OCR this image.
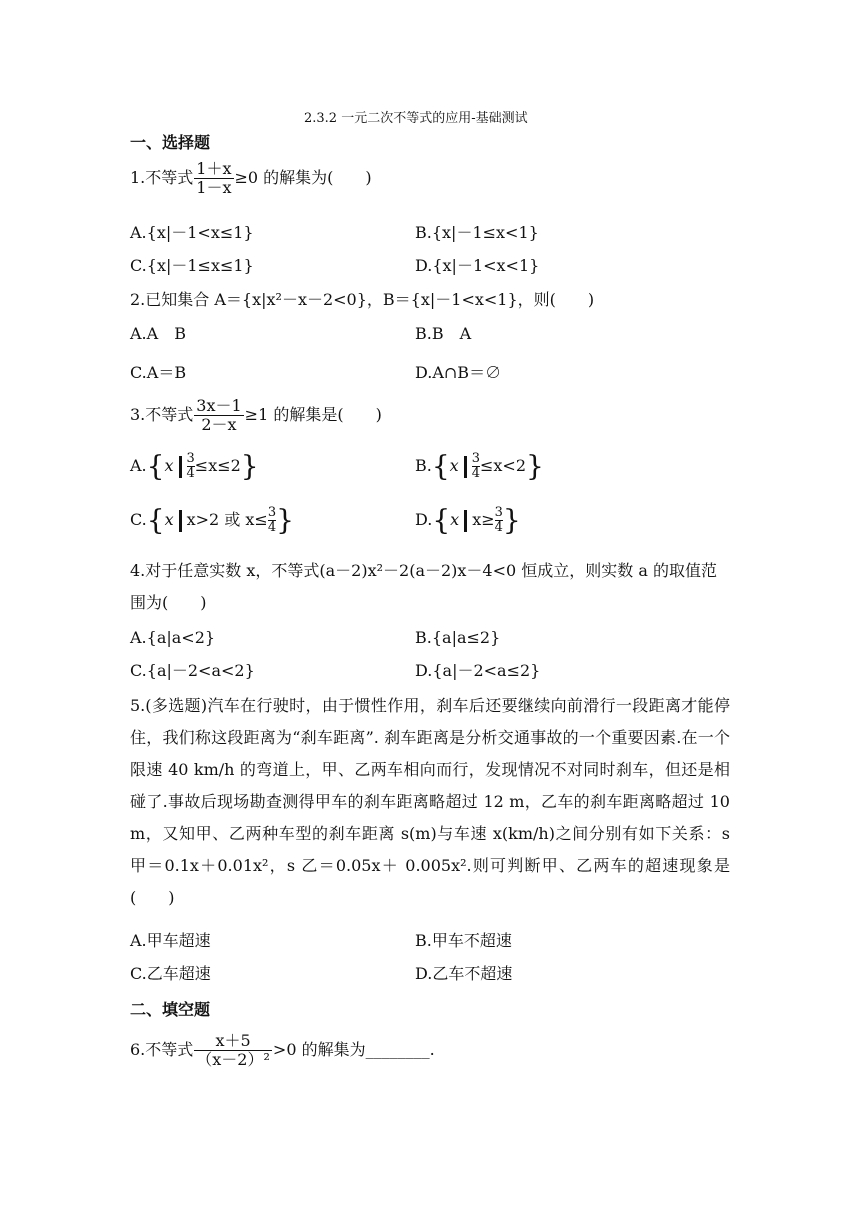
2.3.2 一元二次不等式的应用-基础测试
一、选择题
1.不等式 $\frac{1+x}{1-x} \ge 0$ 的解集为(　　)
A.{x|－1<x≤1}	B.{x|－1≤x<1}
C.{x|－1≤x≤1}	D.{x|－1<x<1}
2.已知集合 A＝{x|x²－x－2<0}，B＝{x|－1<x<1}，则(　　)
A.A　B	B.B　A
C.A＝B	D.A∩B＝∅
3.不等式 $\frac{3x-1}{2-x} \ge 1$ 的解集是(　　)
$A.\{x \frac{3}{4} \le x\le 2\}$	$B.\{x \frac{3}{4} \le x<2\}$
C.{x x>2 或 $x\le \frac{3}{4}$ }	D.{x $x\ge \frac{3}{4}$ }
4.对于任意实数 x，不等式(a－2)x²－2(a－2)x－4<0 恒成立，则实数 a 的取值范
围为(　　)
A.{a|a<2}	B.{a|a≤2}
C.{a|－2<a<2}	D.{a|－2<a≤2}
5.(多选题)汽车在行驶时，由于惯性作用，刹车后还要继续向前滑行一段距离才能停住，我们称这段距离为“刹车距离”. 刹车距离是分析交通事故的一个重要因素.在一个限速 40 km/h 的弯道上，甲、乙两车相向而行，发现情况不对同时刹车，但还是相碰了.事故后现场勘查测得甲车的刹车距离略超过 12 m，乙车的刹车距离略超过 10 m，又知甲、乙两种车型的刹车距离 s(m)与车速 x(km/h)之间分别有如下关系：s 甲＝0.1x＋0.01x²，s 乙＝0.05x＋ 0.005x².则可判断甲、乙两车的超速现象是(　　)
A.甲车超速	B.甲车不超速
C.乙车超速	D.乙车不超速
二、填空题
6.不等式 $\frac{x+5}{\text{（x－2）²}} >0$ 的解集为________.
